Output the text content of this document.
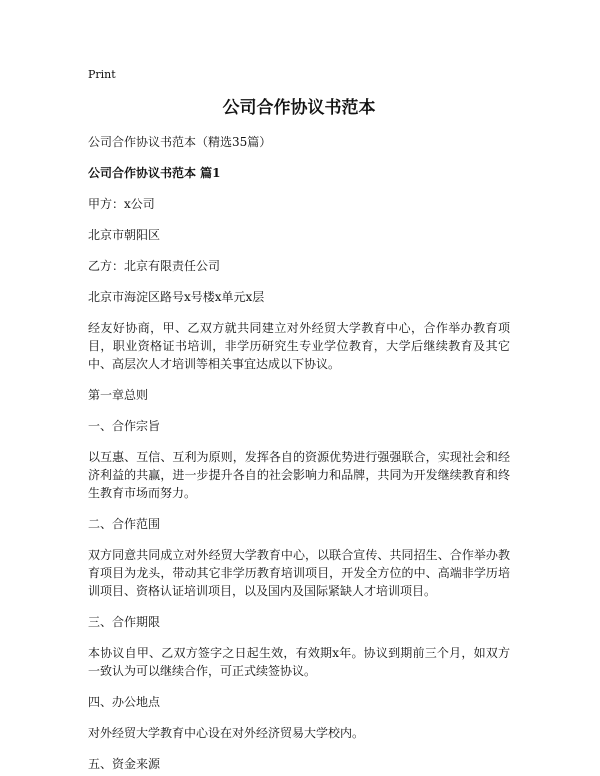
Print
公司合作协议书范本
公司合作协议书范本（精选35篇）
公司合作协议书范本 篇1
甲方：x公司
北京市朝阳区
乙方：北京有限责任公司
北京市海淀区路号x号楼x单元x层
经友好协商，甲、乙双方就共同建立对外经贸大学教育中心，合作举办教育项目，职业资格证书培训，非学历研究生专业学位教育，大学后继续教育及其它中、高层次人才培训等相关事宜达成以下协议。
第一章总则
一、合作宗旨
以互惠、互信、互利为原则，发挥各自的资源优势进行强强联合，实现社会和经济利益的共赢，进一步提升各自的社会影响力和品牌，共同为开发继续教育和终生教育市场而努力。
二、合作范围
双方同意共同成立对外经贸大学教育中心，以联合宣传、共同招生、合作举办教育项目为龙头，带动其它非学历教育培训项目，开发全方位的中、高端非学历培训项目、资格认证培训项目，以及国内及国际紧缺人才培训项目。
三、合作期限
本协议自甲、乙双方签字之日起生效，有效期x年。协议到期前三个月，如双方一致认为可以继续合作，可正式续签协议。
四、办公地点
对外经贸大学教育中心设在对外经济贸易大学校内。
五、资金来源
